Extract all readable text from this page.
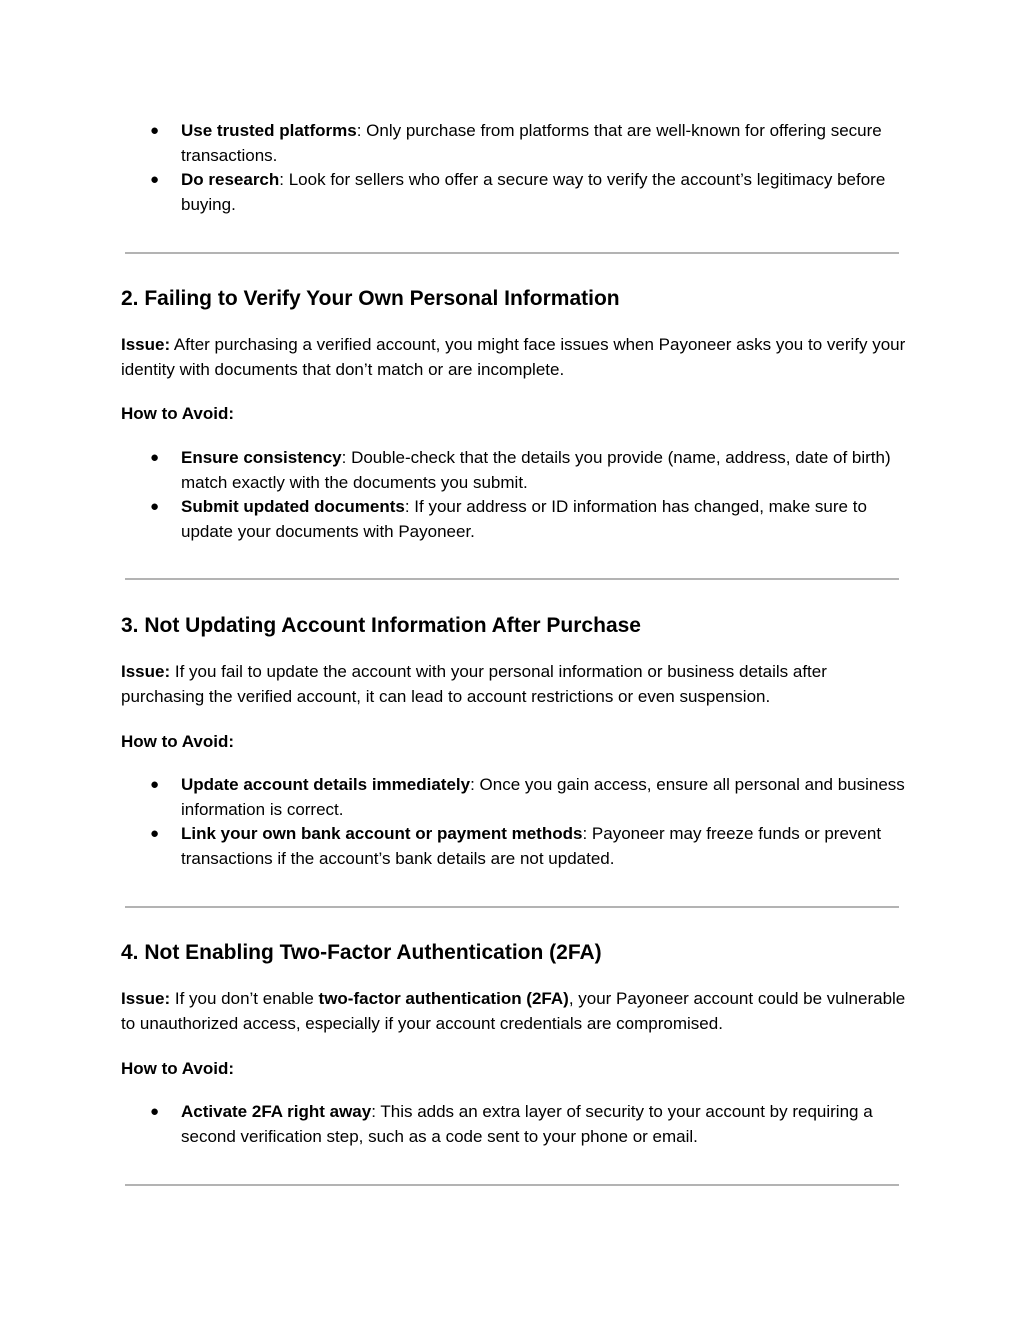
● Use trusted platforms: Only purchase from platforms that are well-known for offering secure transactions.
● Do research: Look for sellers who offer a secure way to verify the account’s legitimacy before buying.
2. Failing to Verify Your Own Personal Information

Issue: After purchasing a verified account, you might face issues when Payoneer asks you to verify your identity with documents that don’t match or are incomplete.

How to Avoid:

● Ensure consistency: Double-check that the details you provide (name, address, date of birth) match exactly with the documents you submit.
● Submit updated documents: If your address or ID information has changed, make sure to update your documents with Payoneer.
3. Not Updating Account Information After Purchase

Issue: If you fail to update the account with your personal information or business details after purchasing the verified account, it can lead to account restrictions or even suspension.

How to Avoid:

● Update account details immediately: Once you gain access, ensure all personal and business information is correct.
● Link your own bank account or payment methods: Payoneer may freeze funds or prevent transactions if the account’s bank details are not updated.
4. Not Enabling Two-Factor Authentication (2FA)

Issue: If you don’t enable two-factor authentication (2FA), your Payoneer account could be vulnerable to unauthorized access, especially if your account credentials are compromised.

How to Avoid:

● Activate 2FA right away: This adds an extra layer of security to your account by requiring a second verification step, such as a code sent to your phone or email.
